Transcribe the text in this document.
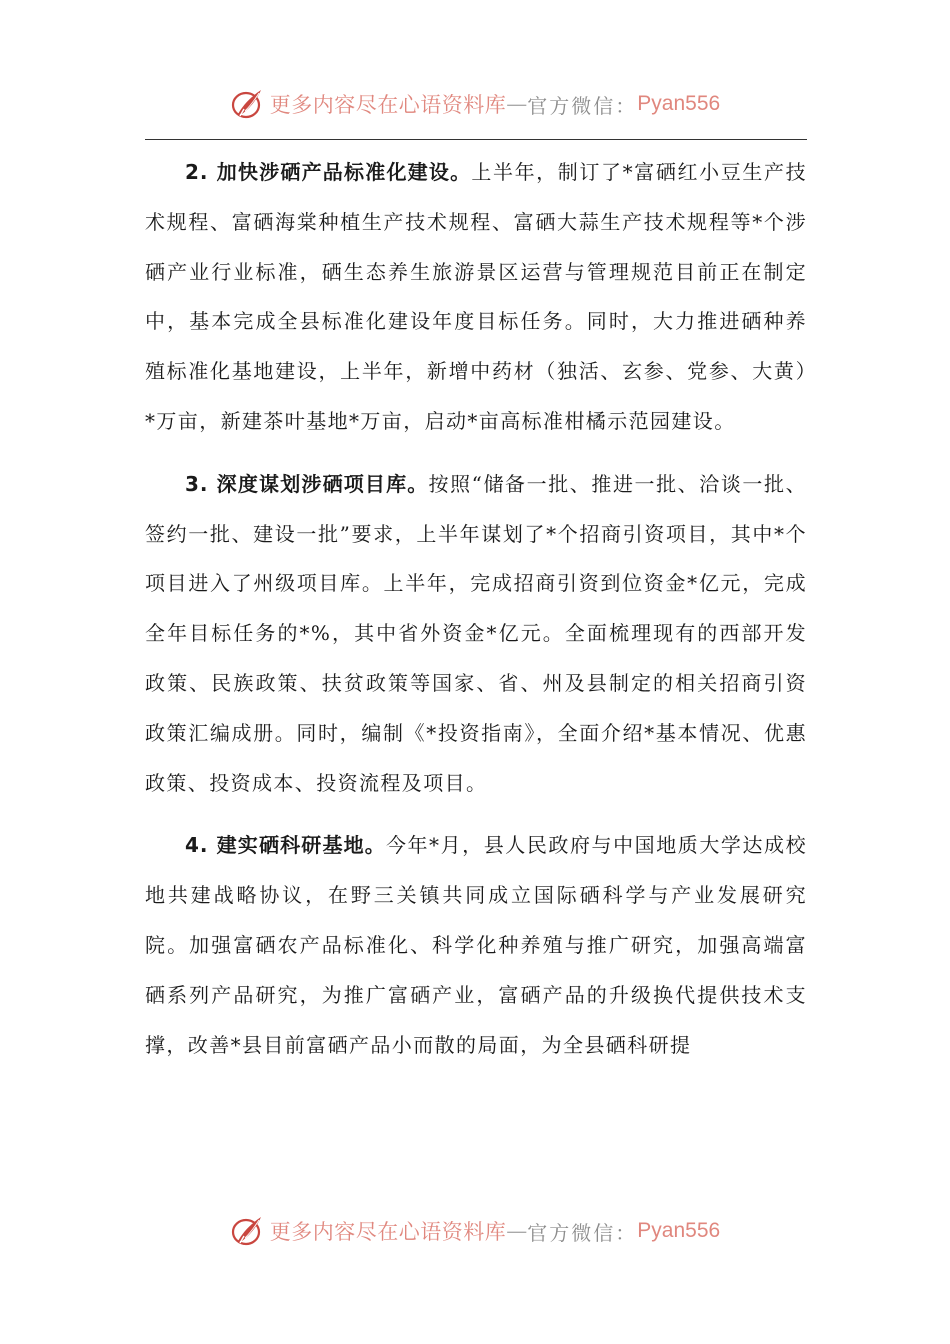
更多内容尽在心语资料库 — 官方微信： Pyan556

2. 加快涉硒产品标准化建设。上半年，制订了*富硒红小豆生产技术规程、富硒海棠种植生产技术规程、富硒大蒜生产技术规程等*个涉硒产业行业标准，硒生态养生旅游景区运营与管理规范目前正在制定中，基本完成全县标准化建设年度目标任务。同时，大力推进硒种养殖标准化基地建设，上半年，新增中药材（独活、玄参、党参、大黄）*万亩，新建茶叶基地*万亩，启动*亩高标准柑橘示范园建设。

3. 深度谋划涉硒项目库。按照“储备一批、推进一批、洽谈一批、签约一批、建设一批”要求，上半年谋划了*个招商引资项目，其中*个项目进入了州级项目库。上半年，完成招商引资到位资金*亿元，完成全年目标任务的*%，其中省外资金*亿元。全面梳理现有的西部开发政策、民族政策、扶贫政策等国家、省、州及县制定的相关招商引资政策汇编成册。同时，编制《*投资指南》，全面介绍*基本情况、优惠政策、投资成本、投资流程及项目。

4. 建实硒科研基地。今年*月，县人民政府与中国地质大学达成校地共建战略协议，在野三关镇共同成立国际硒科学与产业发展研究院。加强富硒农产品标准化、科学化种养殖与推广研究，加强高端富硒系列产品研究，为推广富硒产业，富硒产品的升级换代提供技术支撑，改善*县目前富硒产品小而散的局面，为全县硒科研提

更多内容尽在心语资料库 — 官方微信： Pyan556
